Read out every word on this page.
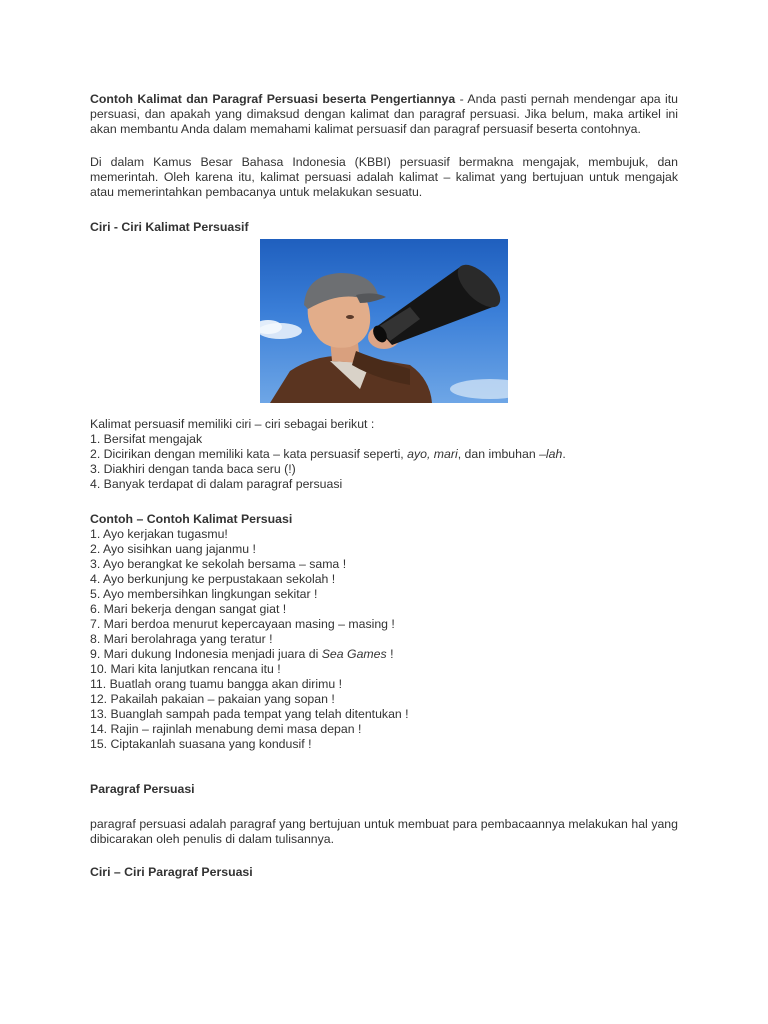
Contoh Kalimat dan Paragraf Persuasi beserta Pengertiannya - Anda pasti pernah mendengar apa itu persuasi, dan apakah yang dimaksud dengan kalimat dan paragraf persuasi. Jika belum, maka artikel ini akan membantu Anda dalam memahami kalimat persuasif dan paragraf persuasif beserta contohnya.

Di dalam Kamus Besar Bahasa Indonesia (KBBI) persuasif bermakna mengajak, membujuk, dan memerintah. Oleh karena itu, kalimat persuasi adalah kalimat – kalimat yang bertujuan untuk mengajak atau memerintahkan pembacanya untuk melakukan sesuatu.

Ciri - Ciri Kalimat Persuasif

Kalimat persuasif memiliki ciri – ciri sebagai berikut :

1. Bersifat mengajak
2. Dicirikan dengan memiliki kata – kata persuasif seperti, ayo, mari, dan imbuhan –lah.
3. Diakhiri dengan tanda baca seru (!)
4. Banyak terdapat di dalam paragraf persuasi

Contoh – Contoh Kalimat Persuasi

1. Ayo kerjakan tugasmu!
2. Ayo sisihkan uang jajanmu !
3. Ayo berangkat ke sekolah bersama – sama !
4. Ayo berkunjung ke perpustakaan sekolah !
5. Ayo membersihkan lingkungan sekitar !
6. Mari bekerja dengan sangat giat !
7. Mari berdoa menurut kepercayaan masing – masing !
8. Mari berolahraga yang teratur !
9. Mari dukung Indonesia menjadi juara di Sea Games !
10. Mari kita lanjutkan rencana itu !
11. Buatlah orang tuamu bangga akan dirimu !
12. Pakailah pakaian – pakaian yang sopan !
13. Buanglah sampah pada tempat yang telah ditentukan !
14. Rajin – rajinlah menabung demi masa depan !
15. Ciptakanlah suasana yang kondusif !

Paragraf Persuasi

paragraf persuasi adalah paragraf yang bertujuan untuk membuat para pembacaannya melakukan hal yang dibicarakan oleh penulis di dalam tulisannya.

Ciri – Ciri Paragraf Persuasi
